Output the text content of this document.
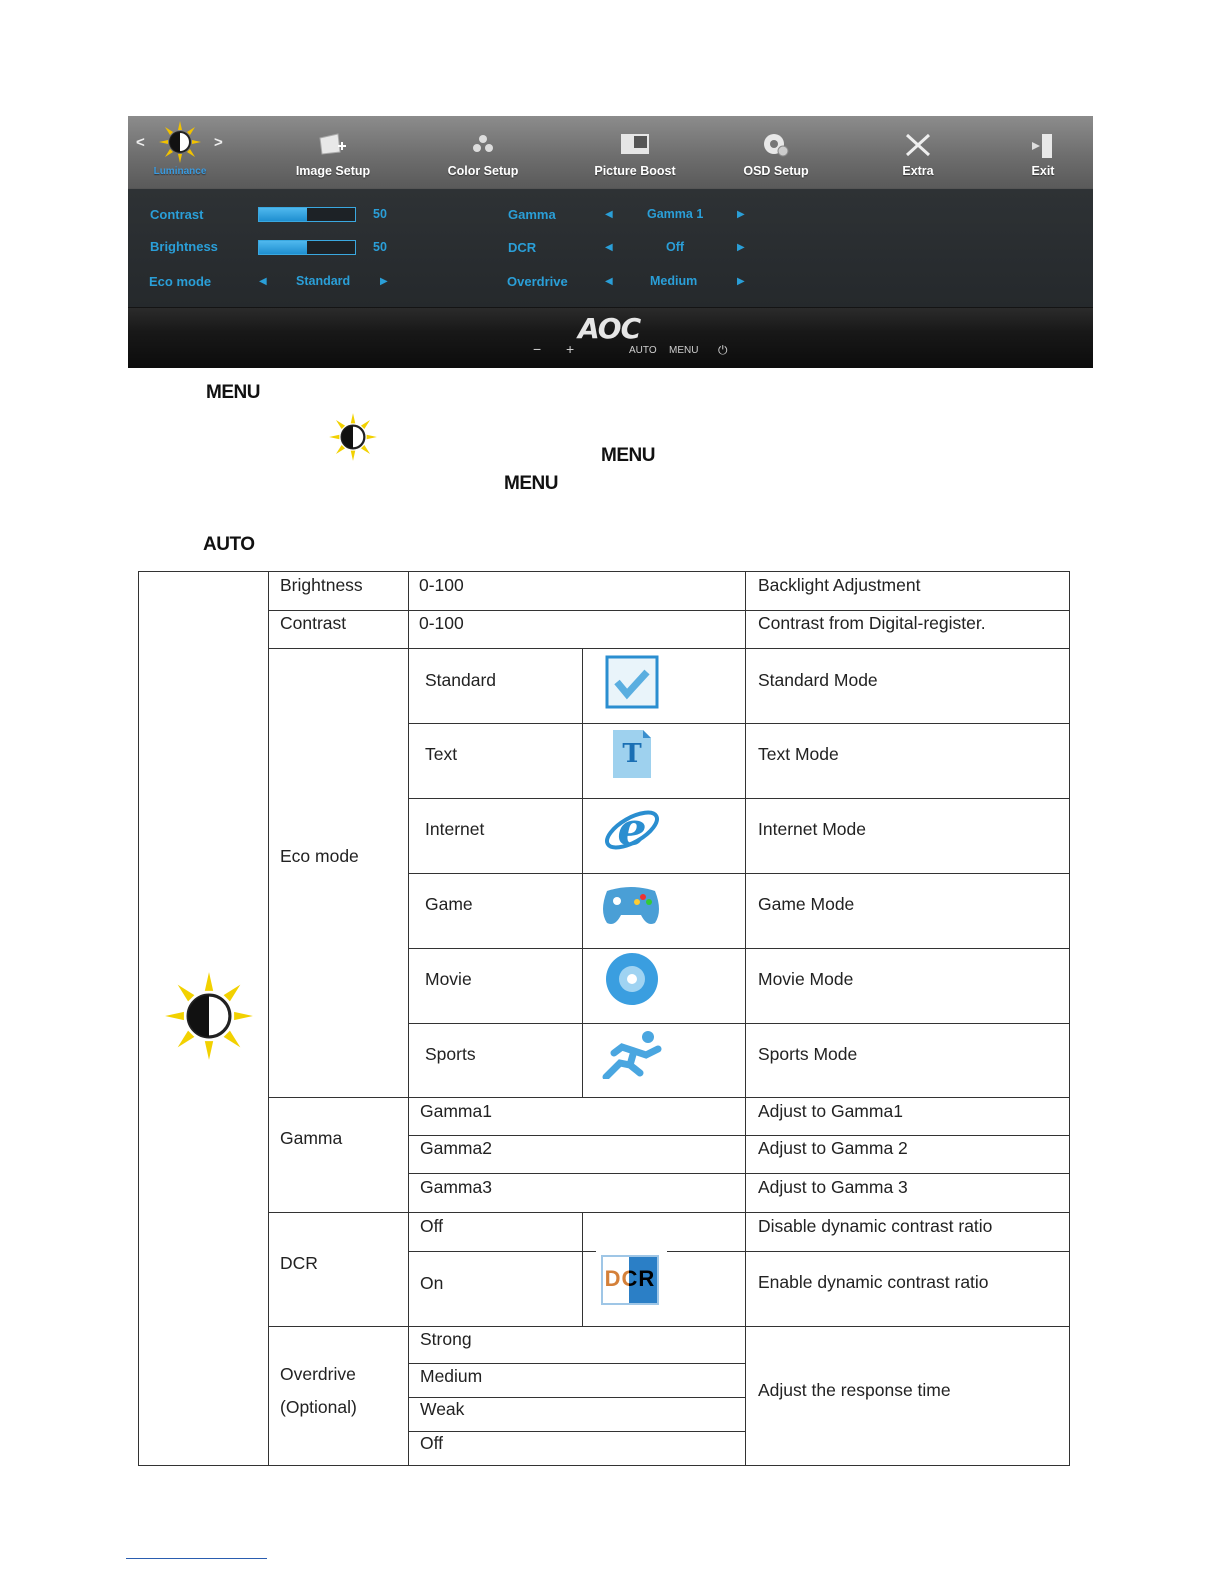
<	>
Luminance	Image Setup	Color Setup	Picture Boost	OSD Setup	Extra	Exit
Contrast	50
Brightness	50
Eco mode	◀ Standard	▶
Gamma	◀	Gamma 1	▶
DCR	◀	Off	▶
Overdrive	◀	Medium	▶
AOC
− +	AUTO MENU ⏻
MENU
MENU
MENU
AUTO
Brightness	0-100	Backlight Adjustment
Contrast	0-100	Contrast from Digital-register.
Eco mode
Standard	Standard Mode
Text	Text Mode
T
Internet	Internet Mode
e
Game	Game Mode
Movie	Movie Mode
Sports	Sports Mode
Gamma
Gamma1	Adjust to Gamma1
Gamma2	Adjust to Gamma 2
Gamma3	Adjust to Gamma 3
DCR
Off	Disable dynamic contrast ratio
On	Enable dynamic contrast ratio
DCR
Overdrive
(Optional)
Strong
Medium
Weak
Off
Adjust the response time
